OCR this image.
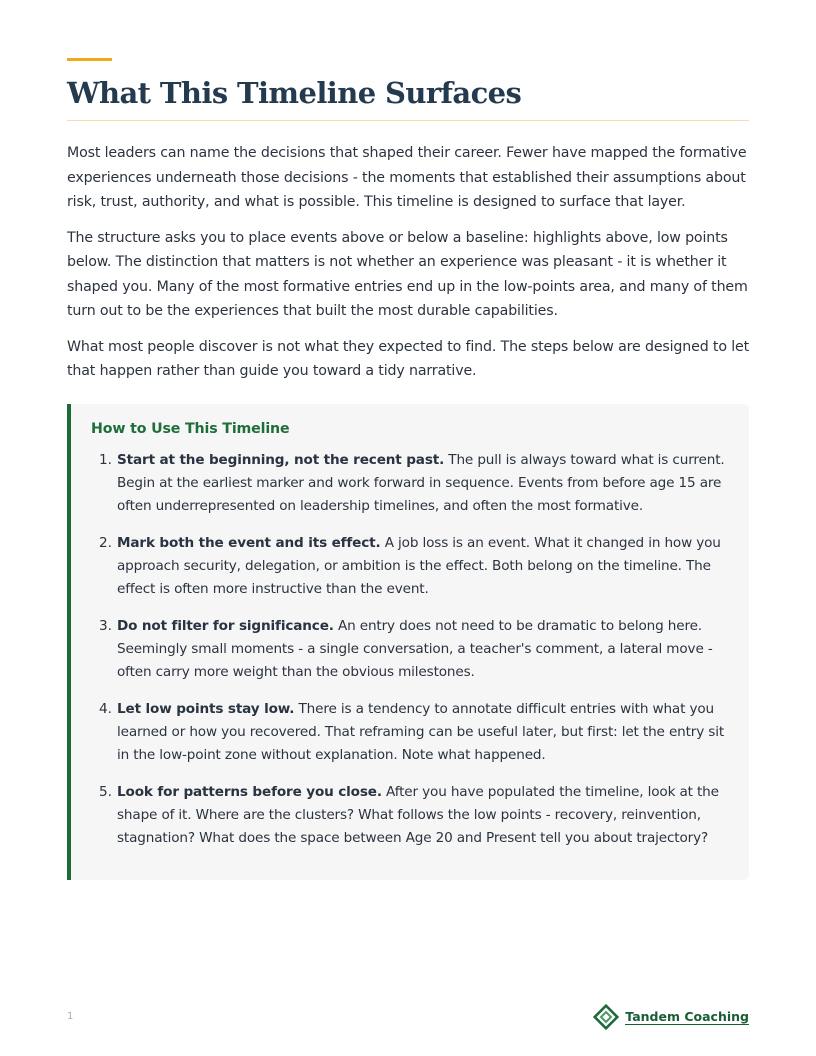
What This Timeline Surfaces

Most leaders can name the decisions that shaped their career. Fewer have mapped the formative experiences underneath those decisions - the moments that established their assumptions about risk, trust, authority, and what is possible. This timeline is designed to surface that layer.

The structure asks you to place events above or below a baseline: highlights above, low points below. The distinction that matters is not whether an experience was pleasant - it is whether it shaped you. Many of the most formative entries end up in the low-points area, and many of them turn out to be the experiences that built the most durable capabilities.

What most people discover is not what they expected to find. The steps below are designed to let that happen rather than guide you toward a tidy narrative.

How to Use This Timeline
1. Start at the beginning, not the recent past. The pull is always toward what is current. Begin at the earliest marker and work forward in sequence. Events from before age 15 are often underrepresented on leadership timelines, and often the most formative.
2. Mark both the event and its effect. A job loss is an event. What it changed in how you approach security, delegation, or ambition is the effect. Both belong on the timeline. The effect is often more instructive than the event.
3. Do not filter for significance. An entry does not need to be dramatic to belong here. Seemingly small moments - a single conversation, a teacher's comment, a lateral move - often carry more weight than the obvious milestones.
4. Let low points stay low. There is a tendency to annotate difficult entries with what you learned or how you recovered. That reframing can be useful later, but first: let the entry sit in the low-point zone without explanation. Note what happened.
5. Look for patterns before you close. After you have populated the timeline, look at the shape of it. Where are the clusters? What follows the low points - recovery, reinvention, stagnation? What does the space between Age 20 and Present tell you about trajectory?
1	Tandem Coaching
